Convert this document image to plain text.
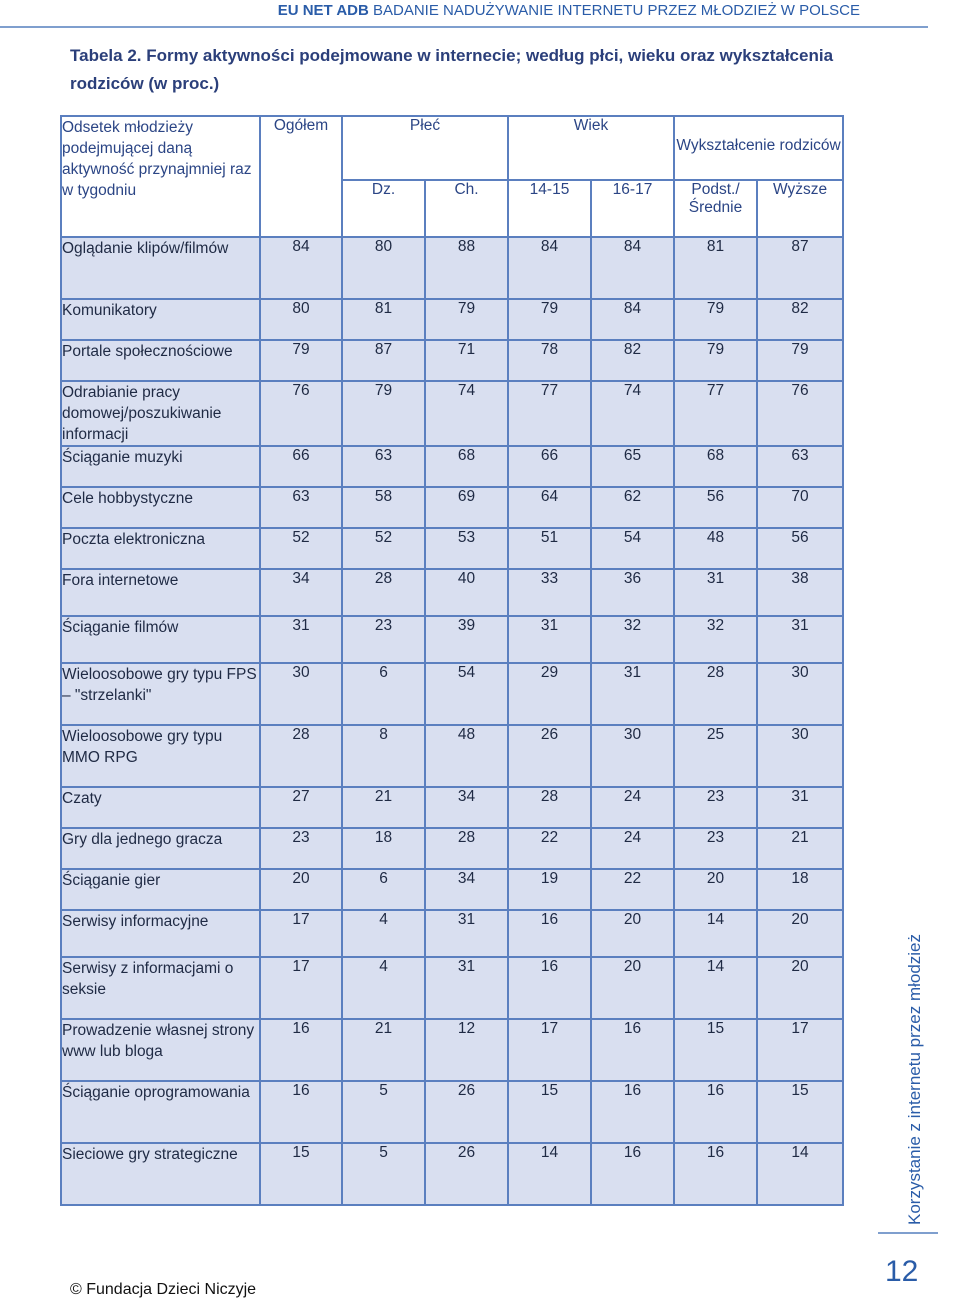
EU NET ADB BADANIE NADUŻYWANIE INTERNETU PRZEZ MŁODZIEŻ W POLSCE
Tabela 2. Formy aktywności podejmowane w internecie; według płci, wieku oraz wykształcenia rodziców (w proc.)
Odsetek młodzieży podejmującej daną aktywność przynajmniej raz w tygodniu	Ogółem	Płeć		Wiek		Wykształcenie rodziców	
		Dz.	Ch.	14-15	16-17	Podst./ Średnie	Wyższe
Oglądanie klipów/filmów	84	80	88	84	84	81	87
Komunikatory	80	81	79	79	84	79	82
Portale społecznościowe	79	87	71	78	82	79	79
Odrabianie pracy domowej/poszukiwanie informacji	76	79	74	77	74	77	76
Ściąganie muzyki	66	63	68	66	65	68	63
Cele hobbystyczne	63	58	69	64	62	56	70
Poczta elektroniczna	52	52	53	51	54	48	56
Fora internetowe	34	28	40	33	36	31	38
Ściąganie filmów	31	23	39	31	32	32	31
Wieloosobowe gry typu FPS – "strzelanki"	30	6	54	29	31	28	30
Wieloosobowe gry typu MMO RPG	28	8	48	26	30	25	30
Czaty	27	21	34	28	24	23	31
Gry dla jednego gracza	23	18	28	22	24	23	21
Ściąganie gier	20	6	34	19	22	20	18
Serwisy informacyjne	17	4	31	16	20	14	20
Serwisy z informacjami o seksie	17	4	31	16	20	14	20
Prowadzenie własnej strony www lub bloga	16	21	12	17	16	15	17
Ściąganie oprogramowania	16	5	26	15	16	16	15
Sieciowe gry strategiczne	15	5	26	14	16	16	14	Korzystanie z internetu przez młodzież
12
© Fundacja Dzieci Niczyje
